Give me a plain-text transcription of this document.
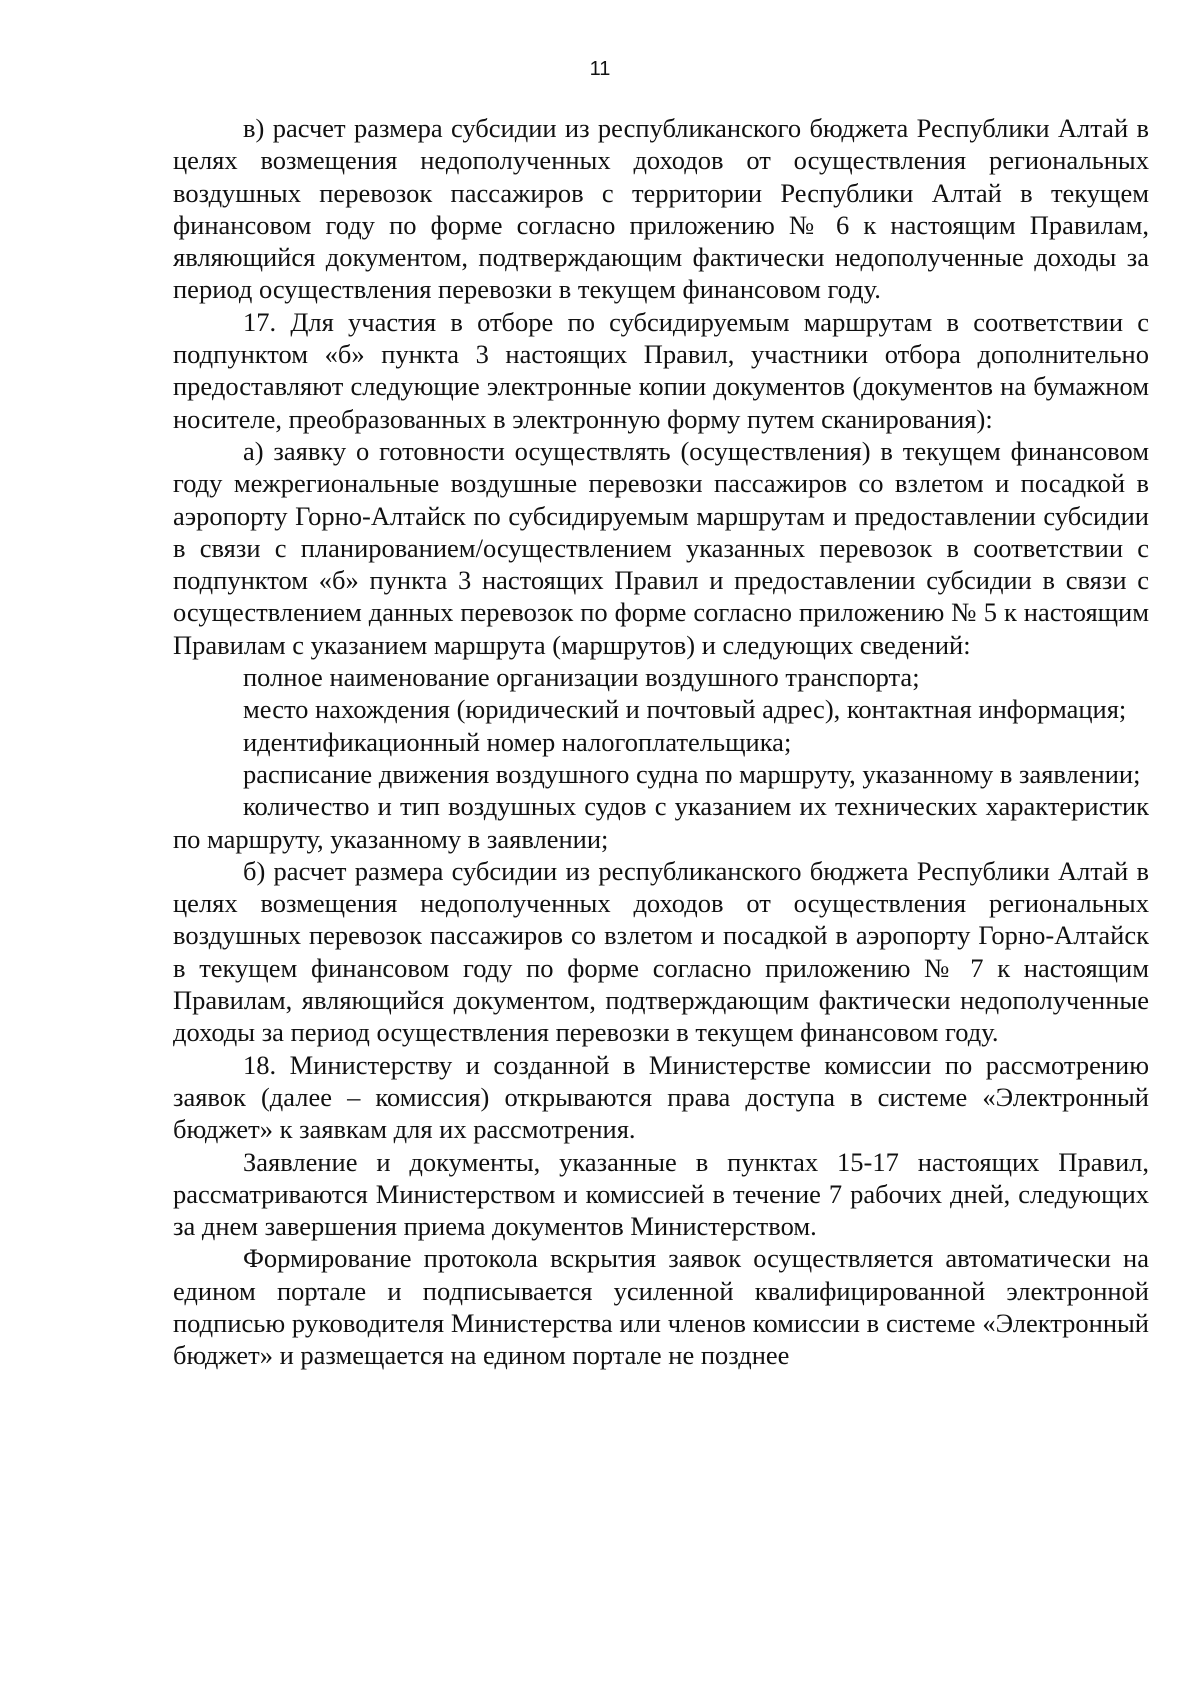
11

в) расчет размера субсидии из республиканского бюджета Республики Алтай в целях возмещения недополученных доходов от осуществления региональных воздушных перевозок пассажиров с территории Республики Алтай в текущем финансовом году по форме согласно приложению № 6 к настоящим Правилам, являющийся документом, подтверждающим фактически недополученные доходы за период осуществления перевозки в текущем финансовом году.

17. Для участия в отборе по субсидируемым маршрутам в соответствии с подпунктом «б» пункта 3 настоящих Правил, участники отбора дополнительно предоставляют следующие электронные копии документов (документов на бумажном носителе, преобразованных в электронную форму путем сканирования):

а) заявку о готовности осуществлять (осуществления) в текущем финансовом году межрегиональные воздушные перевозки пассажиров со взлетом и посадкой в аэропорту Горно-Алтайск по субсидируемым маршрутам и предоставлении субсидии в связи с планированием/осуществлением указанных перевозок в соответствии с подпунктом «б» пункта 3 настоящих Правил и предоставлении субсидии в связи с осуществлением данных перевозок по форме согласно приложению № 5 к настоящим Правилам с указанием маршрута (маршрутов) и следующих сведений:

полное наименование организации воздушного транспорта;

место нахождения (юридический и почтовый адрес), контактная информация;

идентификационный номер налогоплательщика;

расписание движения воздушного судна по маршруту, указанному в заявлении;

количество и тип воздушных судов с указанием их технических характеристик по маршруту, указанному в заявлении;

б) расчет размера субсидии из республиканского бюджета Республики Алтай в целях возмещения недополученных доходов от осуществления региональных воздушных перевозок пассажиров со взлетом и посадкой в аэропорту Горно-Алтайск в текущем финансовом году по форме согласно приложению № 7 к настоящим Правилам, являющийся документом, подтверждающим фактически недополученные доходы за период осуществления перевозки в текущем финансовом году.

18. Министерству и созданной в Министерстве комиссии по рассмотрению заявок (далее – комиссия) открываются права доступа в системе «Электронный бюджет» к заявкам для их рассмотрения.

Заявление и документы, указанные в пунктах 15-17 настоящих Правил, рассматриваются Министерством и комиссией в течение 7 рабочих дней, следующих за днем завершения приема документов Министерством.

Формирование протокола вскрытия заявок осуществляется автоматически на едином портале и подписывается усиленной квалифицированной электронной подписью руководителя Министерства или членов комиссии в системе «Электронный бюджет» и размещается на едином портале не позднее
